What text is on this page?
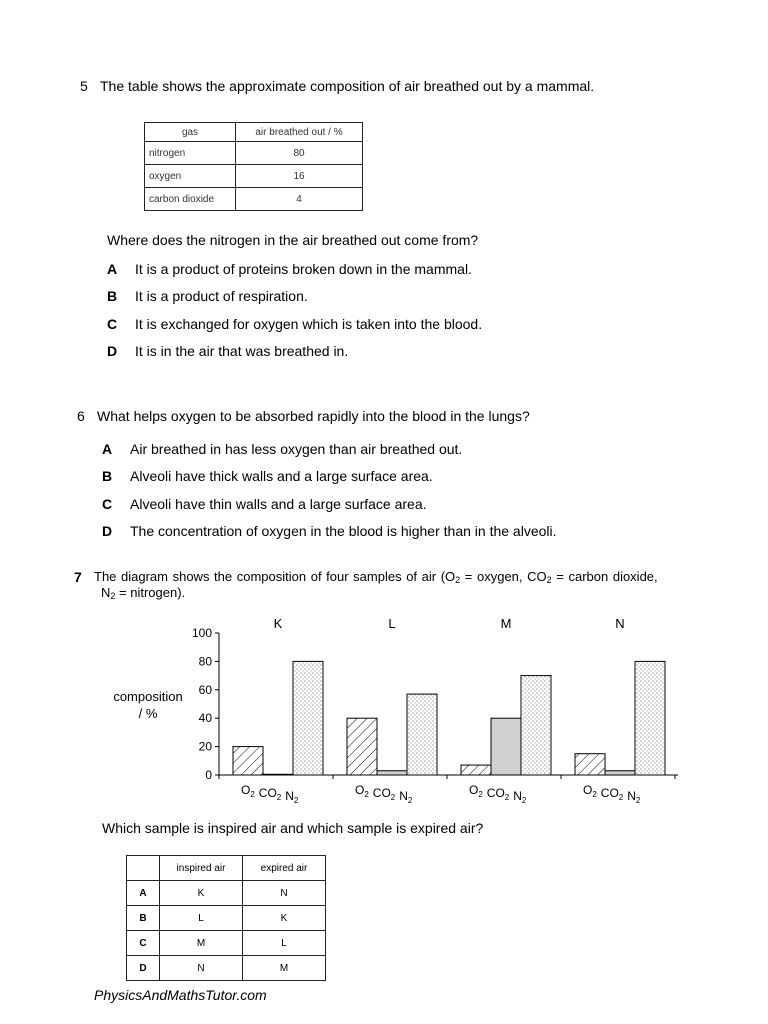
5 The table shows the approximate composition of air breathed out by a mammal.
gas	air breathed out / %
nitrogen	80
oxygen	16
carbon dioxide	4
Where does the nitrogen in the air breathed out come from?
A It is a product of proteins broken down in the mammal.
B It is a product of respiration.
C It is exchanged for oxygen which is taken into the blood.
D It is in the air that was breathed in.
6 What helps oxygen to be absorbed rapidly into the blood in the lungs?
A Air breathed in has less oxygen than air breathed out.
B Alveoli have thick walls and a large surface area.
C Alveoli have thin walls and a large surface area.
D The concentration of oxygen in the blood is higher than in the alveoli.
7 The diagram shows the composition of four samples of air ($O_2$ = oxygen, $CO_2$ = carbon dioxide,
$N_2$ = nitrogen).
0
20
40
60
80
100
K
$O_2$ $CO_2$ $N_2$
L
$O_2$ $CO_2$ $N_2$
M
$O_2$ $CO_2$ $N_2$
N
$O_2$ $CO_2$ $N_2$
composition
/ %
Which sample is inspired air and which sample is expired air?
	inspired air	expired air
A	K	N
B	L	K
C	M	L
D	N	M
PhysicsAndMathsTutor.com
